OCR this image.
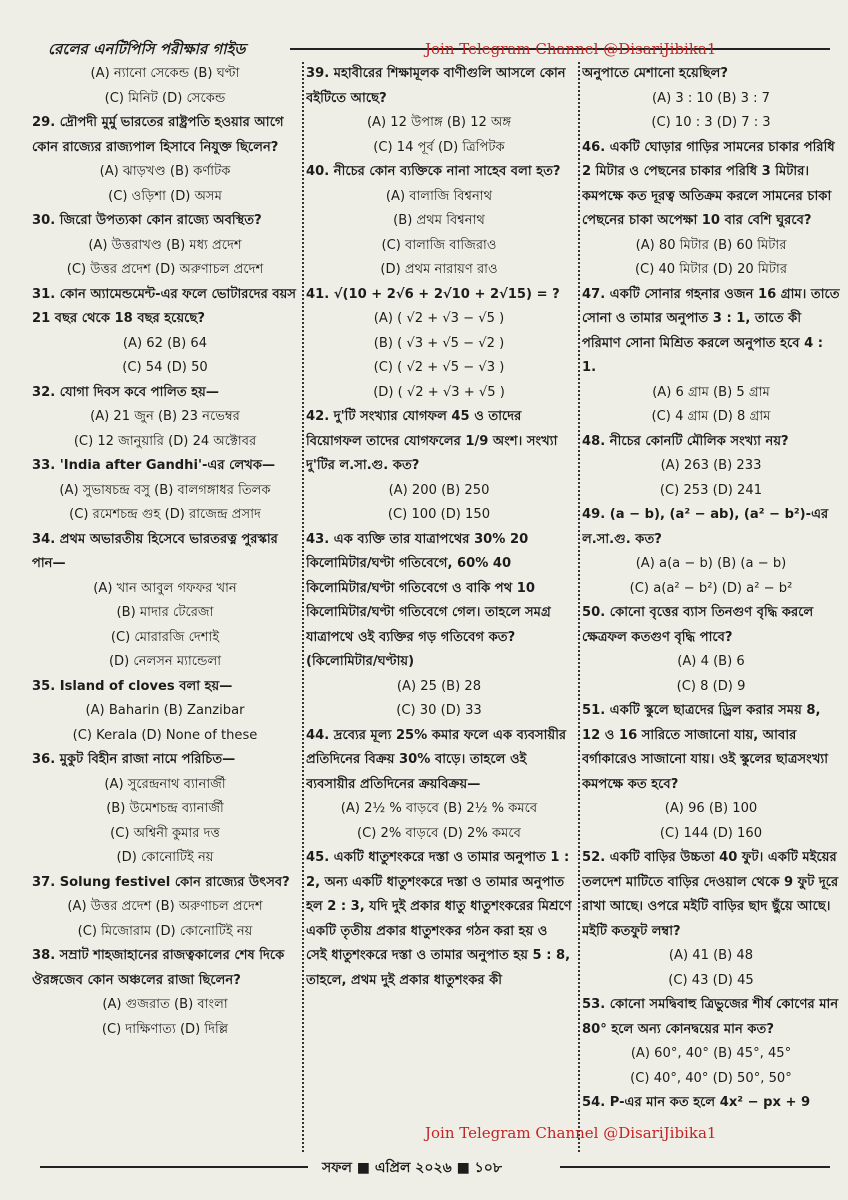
রেলের এনটিপিসি পরীক্ষার গাইড	Join Telegram Channel @DisariJibika1

(A) ন্যানো সেকেন্ড (B) ঘণ্টা

(C) মিনিট (D) সেকেন্ড

29. দ্রৌপদী মুর্মু ভারতের রাষ্ট্রপতি হওয়ার আগে কোন রাজ্যের রাজ্যপাল হিসাবে নিযুক্ত ছিলেন?

(A) ঝাড়খণ্ড (B) কর্ণাটক

(C) ওড়িশা (D) অসম

30. জিরো উপত্যকা কোন রাজ্যে অবস্থিত?

(A) উত্তরাখণ্ড (B) মধ্য প্রদেশ

(C) উত্তর প্রদেশ (D) অরুণাচল প্রদেশ

31. কোন অ্যামেন্ডমেন্ট-এর ফলে ভোটারদের বয়স 21 বছর থেকে 18 বছর হয়েছে?

(A) 62 (B) 64

(C) 54 (D) 50

32. যোগা দিবস কবে পালিত হয়—

(A) 21 জুন (B) 23 নভেম্বর

(C) 12 জানুয়ারি (D) 24 অক্টোবর

33. 'India after Gandhi'-এর লেখক—

(A) সুভাষচন্দ্র বসু (B) বালগঙ্গাধর তিলক

(C) রমেশচন্দ্র গুহ (D) রাজেন্দ্র প্রসাদ

34. প্রথম অভারতীয় হিসেবে ভারতরত্ন পুরস্কার পান—

(A) খান আবুল গফফর খান

(B) মাদার টেরেজা

(C) মোরারজি দেশাই

(D) নেলসন ম্যান্ডেলা

35. Island of cloves বলা হয়—

(A) Baharin (B) Zanzibar

(C) Kerala (D) None of these

36. মুকুট বিহীন রাজা নামে পরিচিত—

(A) সুরেন্দ্রনাথ ব্যানার্জী

(B) উমেশচন্দ্র ব্যানার্জী

(C) অশ্বিনী কুমার দত্ত

(D) কোনোটিই নয়

37. Solung festivel কোন রাজ্যের উৎসব?

(A) উত্তর প্রদেশ (B) অরুণাচল প্রদেশ

(C) মিজোরাম (D) কোনোটিই নয়

38. সম্রাট শাহজাহানের রাজত্বকালের শেষ দিকে ঔরঙ্গজেব কোন অঞ্চলের রাজা ছিলেন?

(A) গুজরাত (B) বাংলা

(C) দাক্ষিণাত্য (D) দিল্লি

39. মহাবীরের শিক্ষামূলক বাণীগুলি আসলে কোন বইটিতে আছে?

(A) 12 উপাঙ্গ (B) 12 অঙ্গ

(C) 14 পূর্ব (D) ত্রিপিটক

40. নীচের কোন ব্যক্তিকে নানা সাহেব বলা হত?

(A) বালাজি বিশ্বনাথ

(B) প্রথম বিশ্বনাথ

(C) বালাজি বাজিরাও

(D) প্রথম নারায়ণ রাও

41. √(10 + 2√6 + 2√10 + 2√15) = ?

(A) ( √2 + √3 − √5 )

(B) ( √3 + √5 − √2 )

(C) ( √2 + √5 − √3 )

(D) ( √2 + √3 + √5 )

42. দু'টি সংখ্যার যোগফল 45 ও তাদের বিয়োগফল তাদের যোগফলের 1/9 অংশ। সংখ্যা দু'টির ল.সা.গু. কত?

(A) 200 (B) 250

(C) 100 (D) 150

43. এক ব্যক্তি তার যাত্রাপথের 30% 20 কিলোমিটার/ঘণ্টা গতিবেগে, 60% 40 কিলোমিটার/ঘণ্টা গতিবেগে ও বাকি পথ 10 কিলোমিটার/ঘণ্টা গতিবেগে গেল। তাহলে সমগ্র যাত্রাপথে ওই ব্যক্তির গড় গতিবেগ কত? (কিলোমিটার/ঘণ্টায়)

(A) 25 (B) 28

(C) 30 (D) 33

44. দ্রব্যের মূল্য 25% কমার ফলে এক ব্যবসায়ীর প্রতিদিনের বিক্রয় 30% বাড়ে। তাহলে ওই ব্যবসায়ীর প্রতিদিনের ক্রয়বিক্রয়—

(A) 2½ % বাড়বে (B) 2½ % কমবে

(C) 2% বাড়বে (D) 2% কমবে

45. একটি ধাতুশংকরে দস্তা ও তামার অনুপাত 1 : 2, অন্য একটি ধাতুশংকরে দস্তা ও তামার অনুপাত হল 2 : 3, যদি দুই প্রকার ধাতু ধাতুশংকরের মিশ্রণে একটি তৃতীয় প্রকার ধাতুশংকর গঠন করা হয় ও সেই ধাতুশংকরে দস্তা ও তামার অনুপাত হয় 5 : 8, তাহলে, প্রথম দুই প্রকার ধাতুশংকর কী

অনুপাতে মেশানো হয়েছিল?

(A) 3 : 10 (B) 3 : 7

(C) 10 : 3 (D) 7 : 3

46. একটি ঘোড়ার গাড়ির সামনের চাকার পরিধি 2 মিটার ও পেছনের চাকার পরিধি 3 মিটার। কমপক্ষে কত দূরত্ব অতিক্রম করলে সামনের চাকা পেছনের চাকা অপেক্ষা 10 বার বেশি ঘুরবে?

(A) 80 মিটার (B) 60 মিটার

(C) 40 মিটার (D) 20 মিটার

47. একটি সোনার গহনার ওজন 16 গ্রাম। তাতে সোনা ও তামার অনুপাত 3 : 1, তাতে কী পরিমাণ সোনা মিশ্রিত করলে অনুপাত হবে 4 : 1.

(A) 6 গ্রাম (B) 5 গ্রাম

(C) 4 গ্রাম (D) 8 গ্রাম

48. নীচের কোনটি মৌলিক সংখ্যা নয়?

(A) 263 (B) 233

(C) 253 (D) 241

49. (a − b), (a² − ab), (a² − b²)-এর ল.সা.গু. কত?

(A) a(a − b) (B) (a − b)

(C) a(a² − b²) (D) a² − b²

50. কোনো বৃত্তের ব্যাস তিনগুণ বৃদ্ধি করলে ক্ষেত্রফল কতগুণ বৃদ্ধি পাবে?

(A) 4 (B) 6

(C) 8 (D) 9

51. একটি স্কুলে ছাত্রদের ড্রিল করার সময় 8, 12 ও 16 সারিতে সাজানো যায়, আবার বর্গাকারেও সাজানো যায়। ওই স্কুলের ছাত্রসংখ্যা কমপক্ষে কত হবে?

(A) 96 (B) 100

(C) 144 (D) 160

52. একটি বাড়ির উচ্চতা 40 ফুট। একটি মইয়ের তলদেশ মাটিতে বাড়ির দেওয়াল থেকে 9 ফুট দূরে রাখা আছে। ওপরে মইটি বাড়ির ছাদ ছুঁয়ে আছে। মইটি কতফুট লম্বা?

(A) 41 (B) 48

(C) 43 (D) 45

53. কোনো সমদ্বিবাহু ত্রিভুজের শীর্ষ কোণের মান 80° হলে অন্য কোনদ্বয়ের মান কত?

(A) 60°, 40° (B) 45°, 45°

(C) 40°, 40° (D) 50°, 50°

54. P-এর মান কত হলে 4x² − px + 9

Join Telegram Channel @DisariJibika1
সফল ■ এপ্রিল ২০২৬ ■ ১০৮
